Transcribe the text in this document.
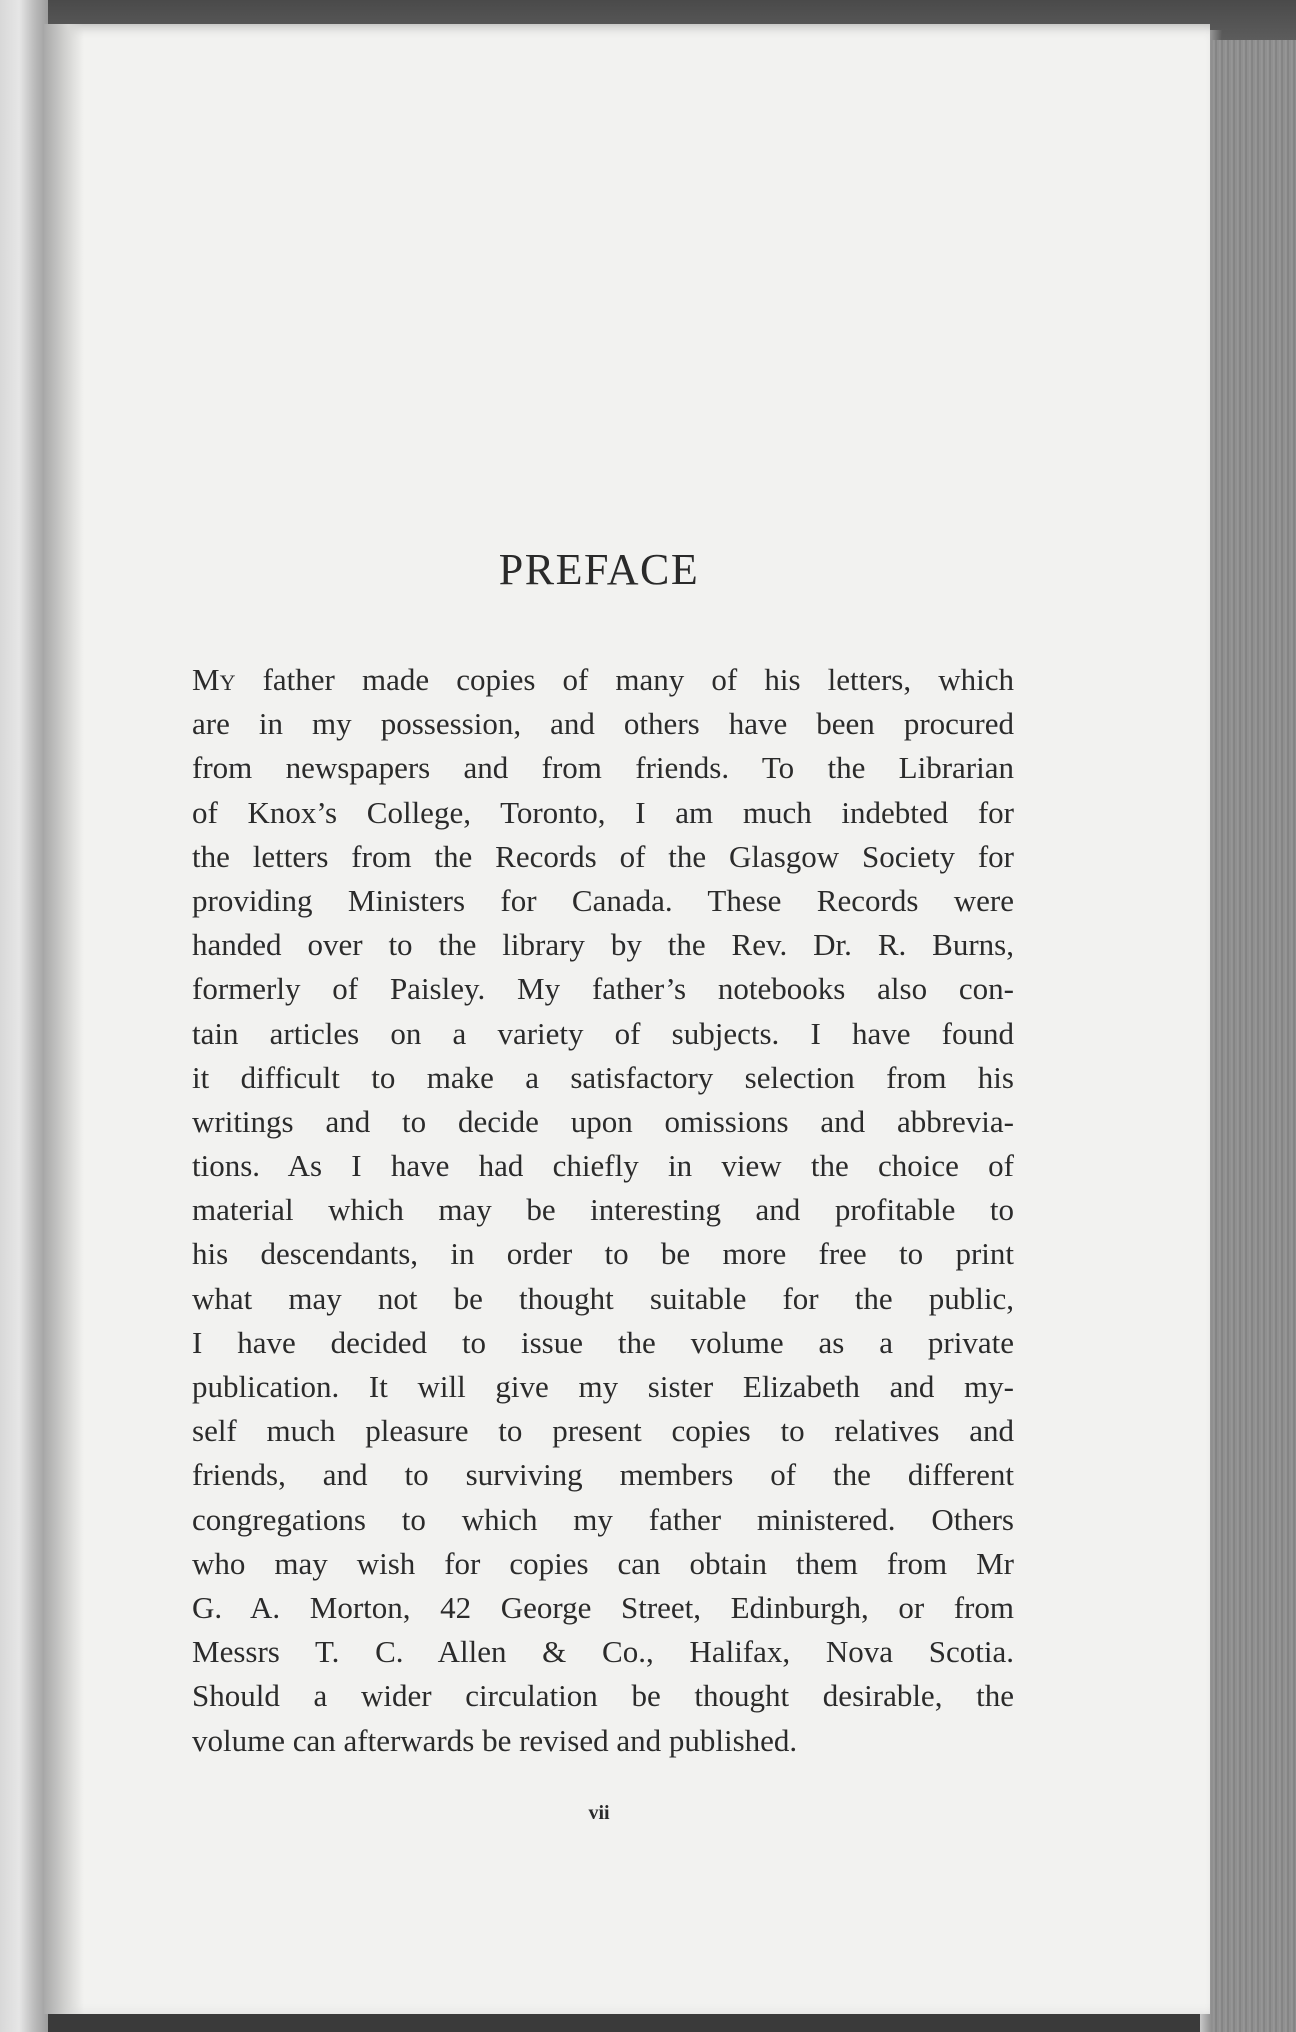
PREFACE
My father made copies of many of his letters, which
are in my possession, and others have been procured
from newspapers and from friends. To the Librarian
of Knox’s College, Toronto, I am much indebted for
the letters from the Records of the Glasgow Society for
providing Ministers for Canada. These Records were
handed over to the library by the Rev. Dr. R. Burns,
formerly of Paisley. My father’s notebooks also con-
tain articles on a variety of subjects. I have found
it difficult to make a satisfactory selection from his
writings and to decide upon omissions and abbrevia-
tions. As I have had chiefly in view the choice of
material which may be interesting and profitable to
his descendants, in order to be more free to print
what may not be thought suitable for the public,
I have decided to issue the volume as a private
publication. It will give my sister Elizabeth and my-
self much pleasure to present copies to relatives and
friends, and to surviving members of the different
congregations to which my father ministered. Others
who may wish for copies can obtain them from Mr
G. A. Morton, 42 George Street, Edinburgh, or from
Messrs T. C. Allen & Co., Halifax, Nova Scotia.
Should a wider circulation be thought desirable, the
volume can afterwards be revised and published.
vii
